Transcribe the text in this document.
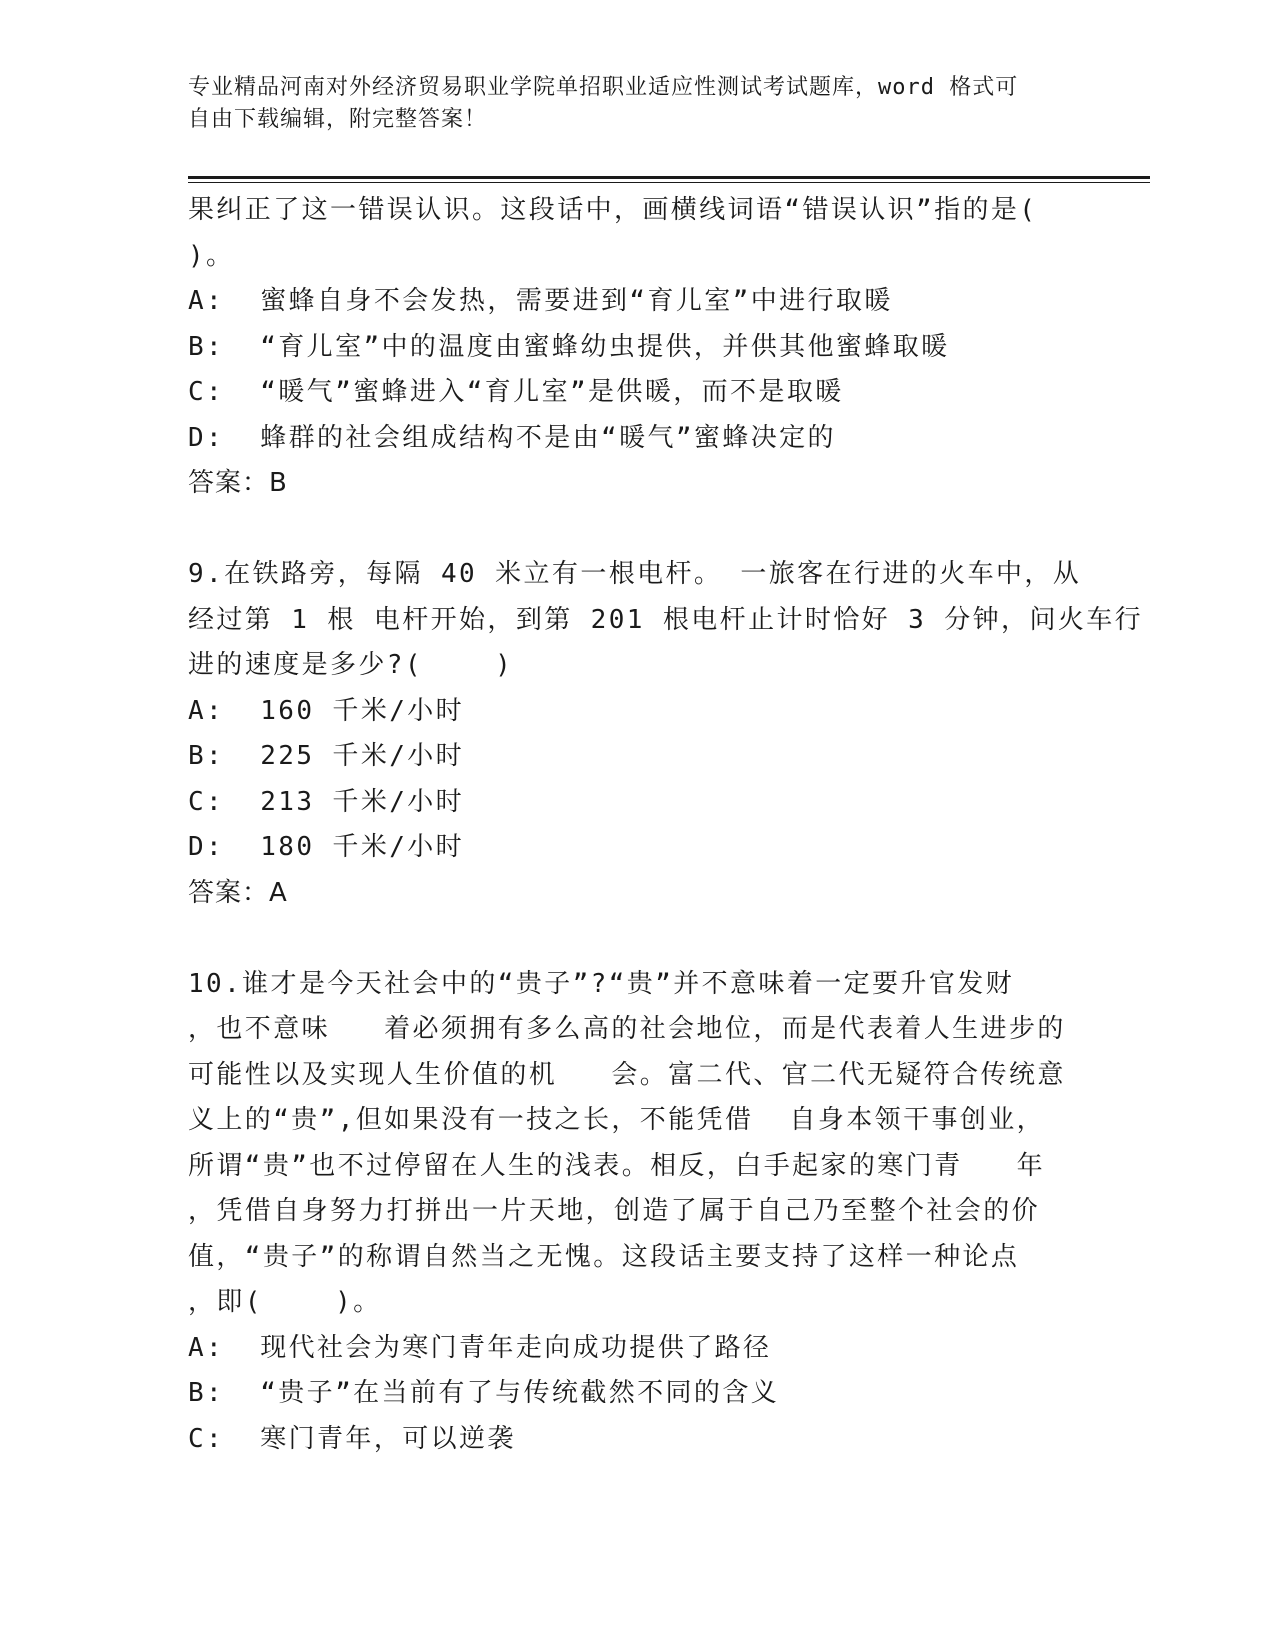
专业精品河南对外经济贸易职业学院单招职业适应性测试考试题库，word 格式可
自由下载编辑，附完整答案！
果纠正了这一错误认识。这段话中，画横线词语“错误认识”指的是(
)。
A:  蜜蜂自身不会发热，需要进到“育儿室”中进行取暖
B:  “育儿室”中的温度由蜜蜂幼虫提供，并供其他蜜蜂取暖
C:  “暖气”蜜蜂进入“育儿室”是供暖，而不是取暖
D:  蜂群的社会组成结构不是由“暖气”蜜蜂决定的
答案：B
9.在铁路旁，每隔 40 米立有一根电杆。 一旅客在行进的火车中，从
经过第 1 根 电杆开始，到第 201 根电杆止计时恰好 3 分钟，问火车行
进的速度是多少?(    )
A:  160 千米/小时
B:  225 千米/小时
C:  213 千米/小时
D:  180 千米/小时
答案：A
10.谁才是今天社会中的“贵子”?“贵”并不意味着一定要升官发财
，也不意味   着必须拥有多么高的社会地位，而是代表着人生进步的
可能性以及实现人生价值的机   会。富二代、官二代无疑符合传统意
义上的“贵”,但如果没有一技之长，不能凭借  自身本领干事创业，
所谓“贵”也不过停留在人生的浅表。相反，白手起家的寒门青   年
，凭借自身努力打拼出一片天地，创造了属于自己乃至整个社会的价
值，“贵子”的称谓自然当之无愧。这段话主要支持了这样一种论点
，即(    )。
A:  现代社会为寒门青年走向成功提供了路径
B:  “贵子”在当前有了与传统截然不同的含义
C:  寒门青年，可以逆袭
